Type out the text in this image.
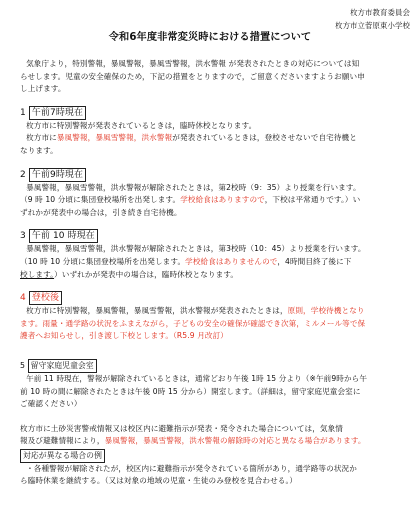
枚方市教育委員会
枚方市立菅原東小学校
令和6年度非常変災時における措置について

気象庁より，特別警報，暴風警報，暴風雪警報，洪水警報 が発表されたときの対応については知

らせします。児童の安全確保のため，下記の措置をとりますので，ご留意くださいますようお願い申

し上げます。

1 午前7時現在

枚方市に特別警報が発表されているときは，臨時休校となります。

枚方市に暴風警報，暴風雪警報，洪水警報が発表されているときは，登校させないで自宅待機と

なります。

2 午前9時現在

暴風警報，暴風雪警報，洪水警報が解除されたときは，第2校時（9：35）より授業を行います。

（9 時 10 分頃に集団登校場所を出発します。学校給食はありますので，下校は平常通りです。）い

ずれかが発表中の場合は，引き続き自宅待機。

3 午前 10 時現在

暴風警報，暴風雪警報，洪水警報が解除されたときは，第3校時（10：45）より授業を行います。

（10 時 10 分頃に集団登校場所を出発します。学校給食はありませんので，4時間目終了後に下

校します。）いずれかが発表中の場合は，臨時休校となります。

4 登校後

枚方市に特別警報，暴風警報，暴風雪警報，洪水警報が発表されたときは，原則，学校待機となり

ます。雨量・通学路の状況をふまえながら，子どもの安全の確保が確認でき次第，ミルメール等で保

護者へお知らせし，引き渡し下校とします。（R5.9 月改訂）

5 留守家庭児童会室

午前 11 時現在，警報が解除されているときは，通常どおり午後 1時 15 分より（※午前9時から午

前 10 時の間に解除されたときは午後 0時 15 分から）開室します。（詳細は，留守家庭児童会室に

ご確認ください）

枚方市に土砂災害警戒情報又は校区内に避難指示が発表・発令された場合については，気象情

報及び避難情報により，暴風警報，暴風雪警報，洪水警報の解除時の対応と異なる場合があります。

対応が異なる場合の例

・各種警報が解除されたが，校区内に避難指示が発令されている箇所があり，通学路等の状況か

ら臨時休業を継続する。（又は対象の地域の児童・生徒のみ登校を見合わせる。）
